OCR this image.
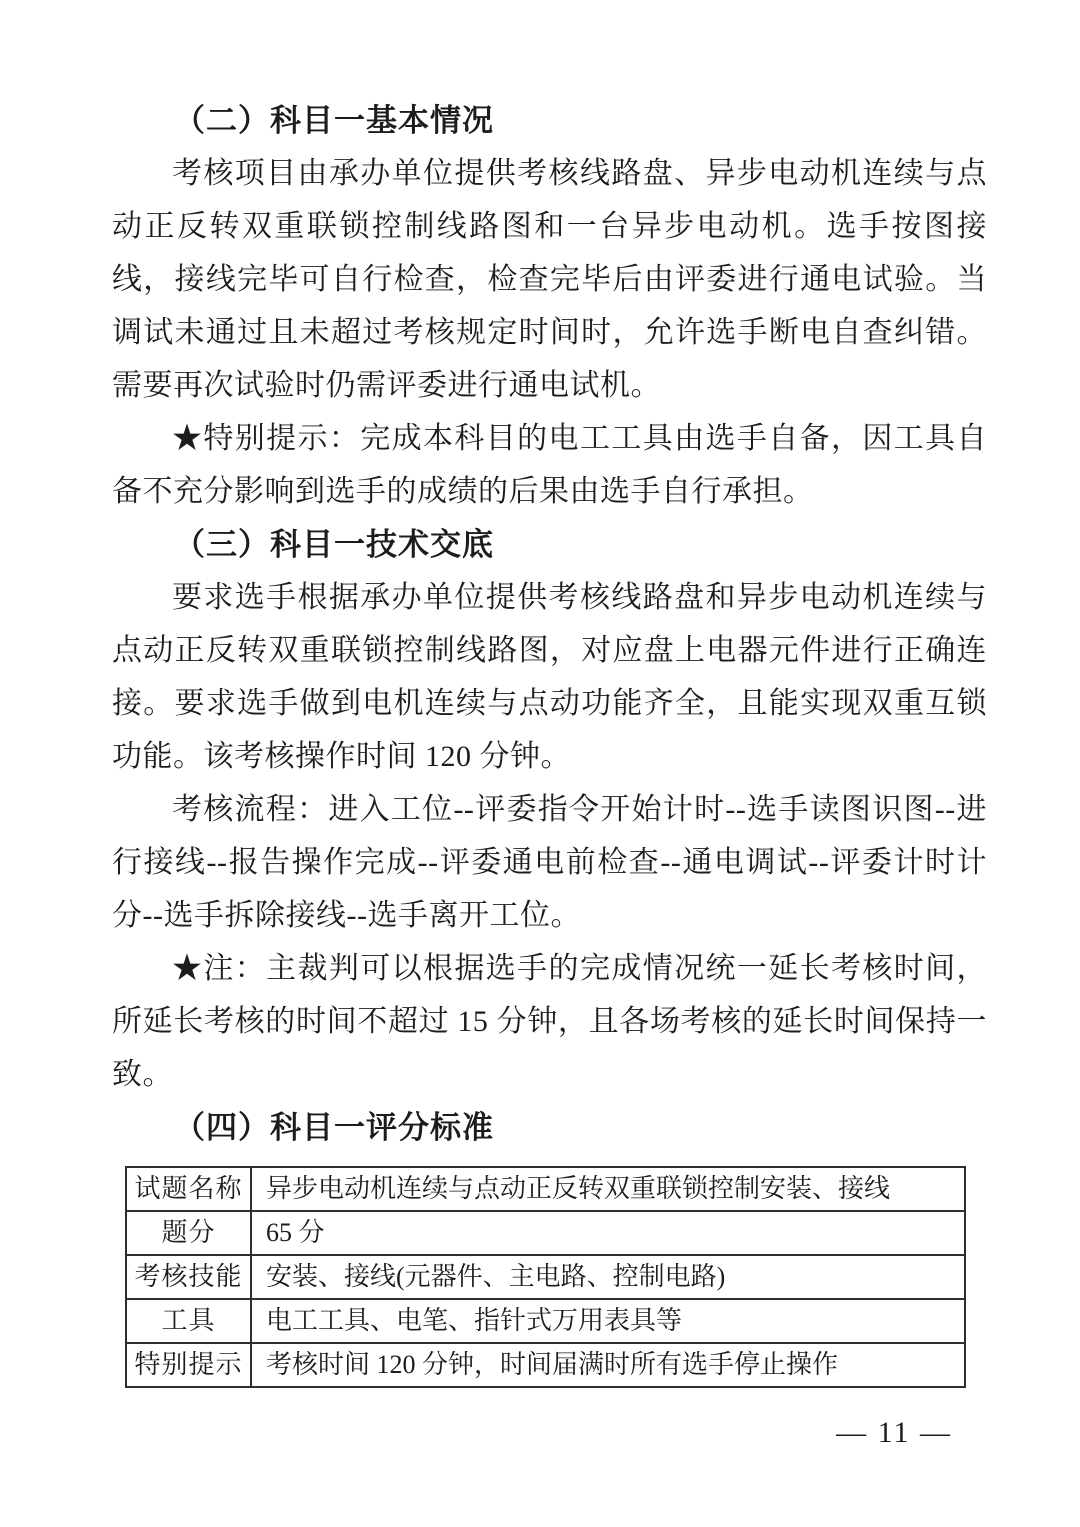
（二）科目一基本情况

考核项目由承办单位提供考核线路盘、异步电动机连续与点动正反转双重联锁控制线路图和一台异步电动机。选手按图接线，接线完毕可自行检查，检查完毕后由评委进行通电试验。当调试未通过且未超过考核规定时间时，允许选手断电自查纠错。需要再次试验时仍需评委进行通电试机。

★特别提示：完成本科目的电工工具由选手自备，因工具自备不充分影响到选手的成绩的后果由选手自行承担。

（三）科目一技术交底

要求选手根据承办单位提供考核线路盘和异步电动机连续与点动正反转双重联锁控制线路图，对应盘上电器元件进行正确连接。要求选手做到电机连续与点动功能齐全，且能实现双重互锁功能。该考核操作时间 120 分钟。

考核流程：进入工位--评委指令开始计时--选手读图识图--进行接线--报告操作完成--评委通电前检查--通电调试--评委计时计分--选手拆除接线--选手离开工位。

★注：主裁判可以根据选手的完成情况统一延长考核时间，所延长考核的时间不超过 15 分钟，且各场考核的延长时间保持一致。

（四）科目一评分标准
试题名称	异步电动机连续与点动正反转双重联锁控制安装、接线
题分	65 分
考核技能	安装、接线(元器件、主电路、控制电路)
工具	电工工具、电笔、指针式万用表具等
特别提示	考核时间 120 分钟，时间届满时所有选手停止操作
— 11 —
